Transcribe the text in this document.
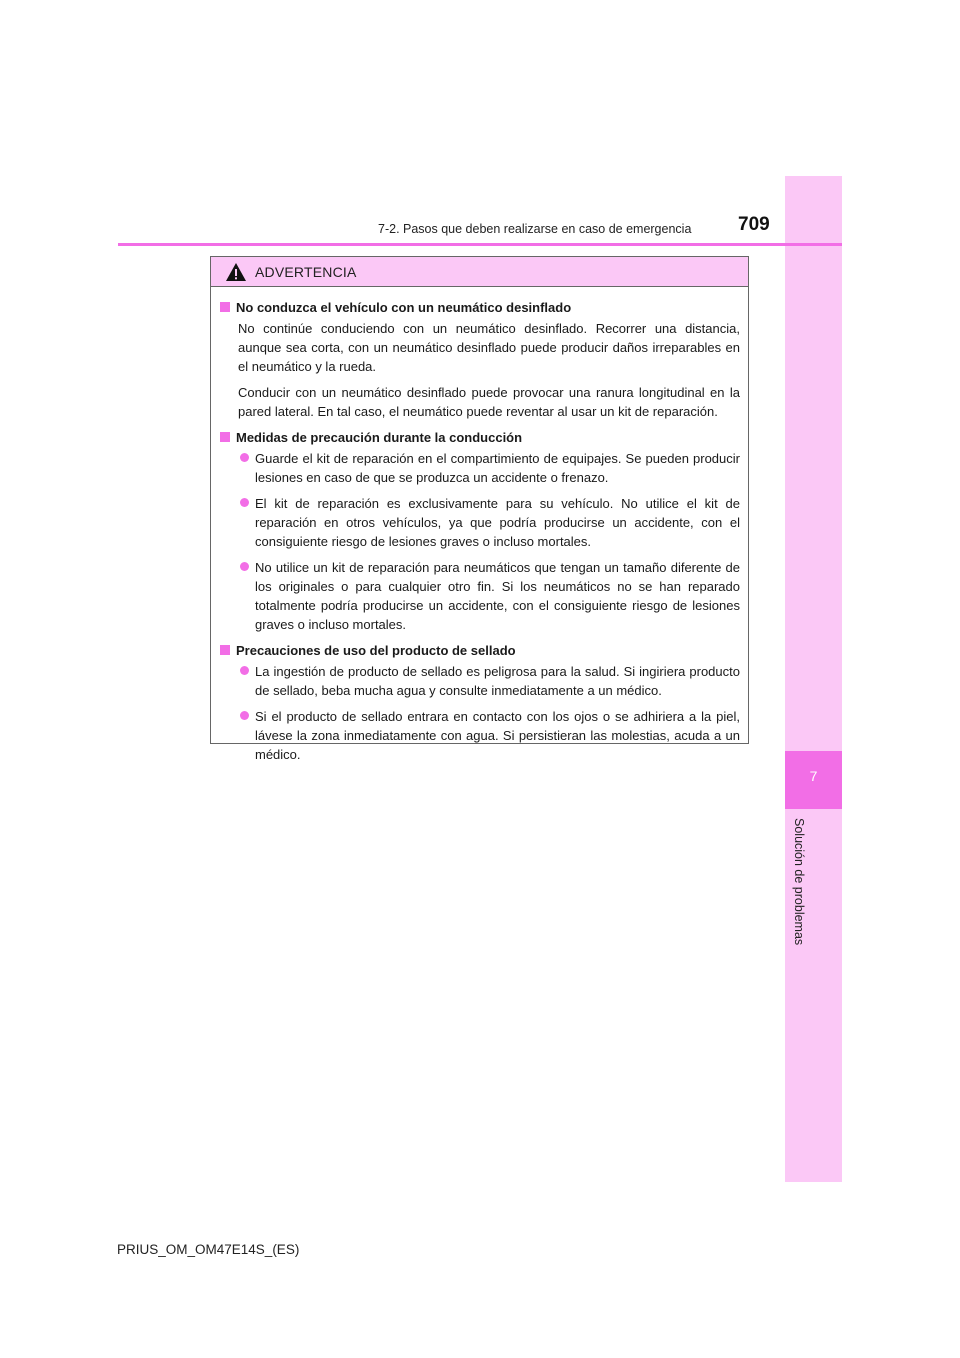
7
Solución de problemas
7-2. Pasos que deben realizarse en caso de emergencia 709
ADVERTENCIA
No conduzca el vehículo con un neumático desinflado
No continúe conduciendo con un neumático desinflado. Recorrer una distancia, aunque sea corta, con un neumático desinflado puede producir daños irreparables en el neumático y la rueda.
Conducir con un neumático desinflado puede provocar una ranura longitudinal en la pared lateral. En tal caso, el neumático puede reventar al usar un kit de reparación.
Medidas de precaución durante la conducción
Guarde el kit de reparación en el compartimiento de equipajes. Se pueden producir lesiones en caso de que se produzca un accidente o frenazo.
El kit de reparación es exclusivamente para su vehículo. No utilice el kit de reparación en otros vehículos, ya que podría producirse un accidente, con el consiguiente riesgo de lesiones graves o incluso mortales.
No utilice un kit de reparación para neumáticos que tengan un tamaño diferente de los originales o para cualquier otro fin. Si los neumáticos no se han reparado totalmente podría producirse un accidente, con el consiguiente riesgo de lesiones graves o incluso mortales.
Precauciones de uso del producto de sellado
La ingestión de producto de sellado es peligrosa para la salud. Si ingiriera producto de sellado, beba mucha agua y consulte inmediatamente a un médico.
Si el producto de sellado entrara en contacto con los ojos o se adhiriera a la piel, lávese la zona inmediatamente con agua. Si persistieran las molestias, acuda a un médico.
PRIUS_OM_OM47E14S_(ES)
